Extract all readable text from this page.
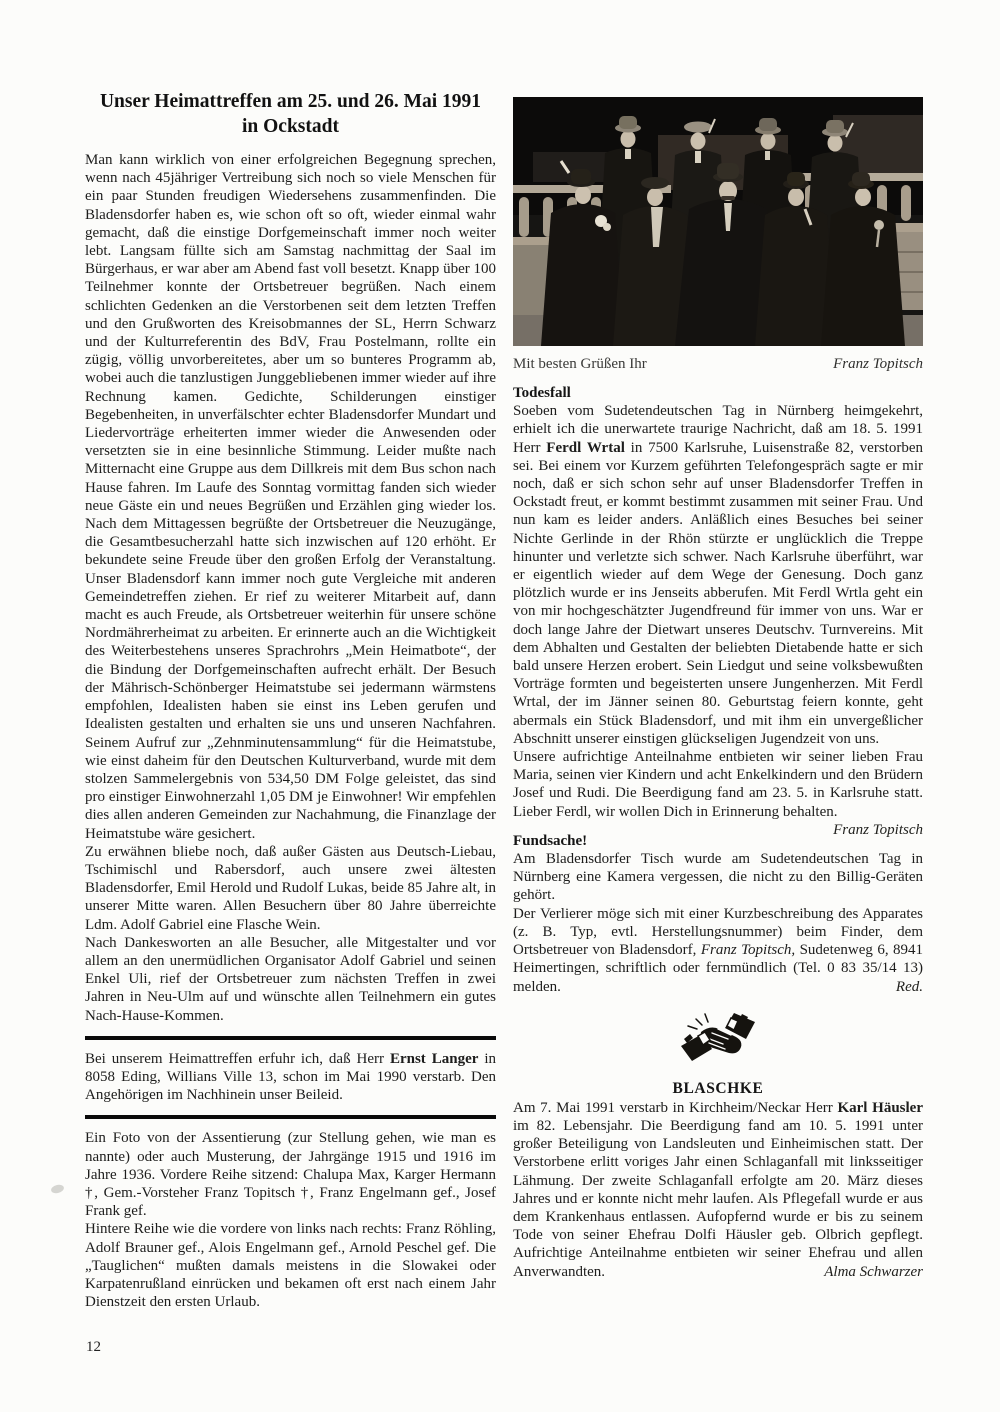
Unser Heimattreffen am 25. und 26. Mai 1991
in Ockstadt

Man kann wirklich von einer erfolgreichen Begegnung sprechen, wenn nach 45jähriger Vertreibung sich noch so viele Menschen für ein paar Stunden freudigen Wiedersehens zusammenfinden. Die Bladensdorfer haben es, wie schon oft so oft, wieder einmal wahr gemacht, daß die einstige Dorfgemeinschaft immer noch weiter lebt. Langsam füllte sich am Samstag nachmittag der Saal im Bürgerhaus, er war aber am Abend fast voll besetzt. Knapp über 100 Teilnehmer konnte der Ortsbetreuer begrüßen. Nach einem schlichten Gedenken an die Verstorbenen seit dem letzten Treffen und den Grußworten des Kreisobmannes der SL, Herrn Schwarz und der Kulturreferentin des BdV, Frau Postelmann, rollte ein zügig, völlig unvorbereitetes, aber um so bunteres Programm ab, wobei auch die tanzlustigen Junggebliebenen immer wieder auf ihre Rechnung kamen. Gedichte, Schilderungen einstiger Begebenheiten, in unverfälschter echter Bladensdorfer Mundart und Liedervorträge erheiterten immer wieder die Anwesenden oder versetzten sie in eine besinnliche Stimmung. Leider mußte nach Mitternacht eine Gruppe aus dem Dillkreis mit dem Bus schon nach Hause fahren. Im Laufe des Sonntag vormittag fanden sich wieder neue Gäste ein und neues Begrüßen und Erzählen ging wieder los. Nach dem Mittagessen begrüßte der Ortsbetreuer die Neuzugänge, die Gesamtbesucherzahl hatte sich inzwischen auf 120 erhöht. Er bekundete seine Freude über den großen Erfolg der Veranstaltung. Unser Bladensdorf kann immer noch gute Vergleiche mit anderen Gemeindetreffen ziehen. Er rief zu weiterer Mitarbeit auf, dann macht es auch Freude, als Ortsbetreuer weiterhin für unsere schöne Nordmährerheimat zu arbeiten. Er erinnerte auch an die Wichtigkeit des Weiterbestehens unseres Sprachrohrs „Mein Heimatbote“, der die Bindung der Dorfgemeinschaften aufrecht erhält. Der Besuch der Mährisch-Schönberger Heimatstube sei jedermann wärmstens empfohlen, Idealisten haben sie einst ins Leben gerufen und Idealisten gestalten und erhalten sie uns und unseren Nachfahren. Seinem Aufruf zur „Zehnminutensammlung“ für die Heimatstube, wie einst daheim für den Deutschen Kulturverband, wurde mit dem stolzen Sammelergebnis von 534,50 DM Folge geleistet, das sind pro einstiger Einwohnerzahl 1,05 DM je Einwohner! Wir empfehlen dies allen anderen Gemeinden zur Nachahmung, die Finanzlage der Heimatstube wäre gesichert.

Zu erwähnen bliebe noch, daß außer Gästen aus Deutsch-Liebau, Tschimischl und Rabersdorf, auch unsere zwei ältesten Bladensdorfer, Emil Herold und Rudolf Lukas, beide 85 Jahre alt, in unserer Mitte waren. Allen Besuchern über 80 Jahre überreichte Ldm. Adolf Gabriel eine Flasche Wein.

Nach Dankesworten an alle Besucher, alle Mitgestalter und vor allem an den unermüdlichen Organisator Adolf Gabriel und seinen Enkel Uli, rief der Ortsbetreuer zum nächsten Treffen in zwei Jahren in Neu-Ulm auf und wünschte allen Teilnehmern ein gutes Nach-Hause-Kommen.

Bei unserem Heimattreffen erfuhr ich, daß Herr Ernst Langer in 8058 Eding, Willians Ville 13, schon im Mai 1990 verstarb. Den Angehörigen im Nachhinein unser Beileid.

Ein Foto von der Assentierung (zur Stellung gehen, wie man es nannte) oder auch Musterung, der Jahrgänge 1915 und 1916 im Jahre 1936. Vordere Reihe sitzend: Chalupa Max, Karger Hermann †, Gem.-Vorsteher Franz Topitsch †, Franz Engelmann gef., Josef Frank gef.

Hintere Reihe wie die vordere von links nach rechts: Franz Röhling, Adolf Brauner gef., Alois Engelmann gef., Arnold Peschel gef. Die „Tauglichen“ mußten damals meistens in die Slowakei oder Karpatenrußland einrücken und bekamen oft erst nach einem Jahr Dienstzeit den ersten Urlaub.

Mit besten Grüßen Ihr	Franz Topitsch
Todesfall

Soeben vom Sudetendeutschen Tag in Nürnberg heimgekehrt, erhielt ich die unerwartete traurige Nachricht, daß am 18. 5. 1991 Herr Ferdl Wrtal in 7500 Karlsruhe, Luisenstraße 82, verstorben sei. Bei einem vor Kurzem geführten Telefongespräch sagte er mir noch, daß er sich schon sehr auf unser Bladensdorfer Treffen in Ockstadt freut, er kommt bestimmt zusammen mit seiner Frau. Und nun kam es leider anders. Anläßlich eines Besuches bei seiner Nichte Gerlinde in der Rhön stürzte er unglücklich die Treppe hinunter und verletzte sich schwer. Nach Karlsruhe überführt, war er eigentlich wieder auf dem Wege der Genesung. Doch ganz plötzlich wurde er ins Jenseits abberufen. Mit Ferdl Wrtla geht ein von mir hochgeschätzter Jugendfreund für immer von uns. War er doch lange Jahre der Dietwart unseres Deutschv. Turnvereins. Mit dem Abhalten und Gestalten der beliebten Dietabende hatte er sich bald unsere Herzen erobert. Sein Liedgut und seine volksbewußten Vorträge formten und begeisterten unsere Jungenherzen. Mit Ferdl Wrtal, der im Jänner seinen 80. Geburtstag feiern konnte, geht abermals ein Stück Bladensdorf, und mit ihm ein unvergeßlicher Abschnitt unserer einstigen glückseligen Jugendzeit von uns.

Unsere aufrichtige Anteilnahme entbieten wir seiner lieben Frau Maria, seinen vier Kindern und acht Enkelkindern und den Brüdern Josef und Rudi. Die Beerdigung fand am 23. 5. in Karlsruhe statt. Lieber Ferdl, wir wollen Dich in Erinnerung behalten.
Franz Topitsch

Fundsache!

Am Bladensdorfer Tisch wurde am Sudetendeutschen Tag in Nürnberg eine Kamera vergessen, die nicht zu den Billig-Geräten gehört.

Der Verlierer möge sich mit einer Kurzbeschreibung des Apparates (z. B. Typ, evtl. Herstellungsnummer) beim Finder, dem Ortsbetreuer von Bladensdorf, Franz Topitsch, Sudetenweg 6, 8941 Heimertingen, schriftlich oder fernmündlich (Tel. 0 83 35/14 13) melden.	Red.

BLASCHKE

Am 7. Mai 1991 verstarb in Kirchheim/Neckar Herr Karl Häusler im 82. Lebensjahr. Die Beerdigung fand am 10. 5. 1991 unter großer Beteiligung von Landsleuten und Einheimischen statt. Der Verstorbene erlitt voriges Jahr einen Schlaganfall mit linksseitiger Lähmung. Der zweite Schlaganfall erfolgte am 20. März dieses Jahres und er konnte nicht mehr laufen. Als Pflegefall wurde er aus dem Krankenhaus entlassen. Aufopfernd wurde er bis zu seinem Tode von seiner Ehefrau Dolfi Häusler geb. Olbrich gepflegt. Aufrichtige Anteilnahme entbieten wir seiner Ehefrau und allen Anverwandten.	Alma Schwarzer

12
